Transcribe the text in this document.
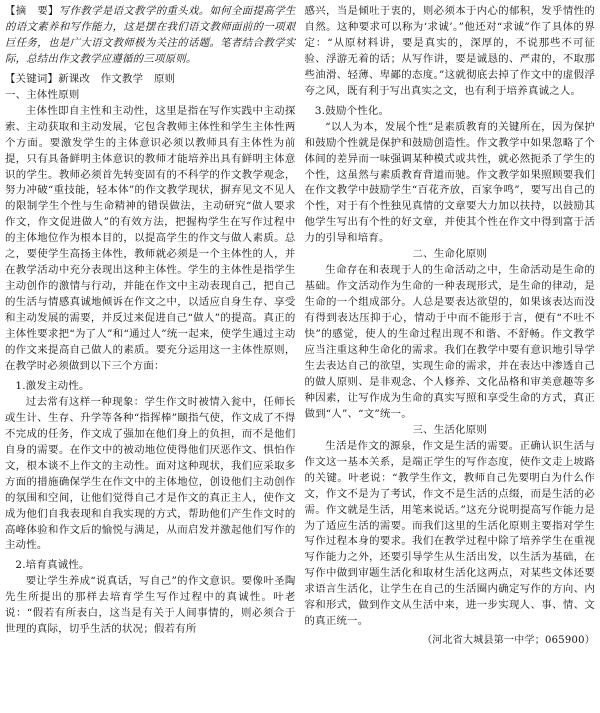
【摘　要】写作教学是语文教学的重头戏。如何全面提高学生的语文素养和写作能力，这是摆在我们语文教师面前的一项艰巨任务，也是广大语文教师极为关注的话题。笔者结合教学实际，总结出作文教学应遵循的三项原则。

【关键词】新课改　作文教学　原则

一、主体性原则

主体性即自主性和主动性，这里是指在写作实践中主动探索、主动获取和主动发展，它包含教师主体性和学生主体性两个方面。要激发学生的主体意识必须以教师具有主体性为前提，只有具备鲜明主体意识的教师才能培养出具有鲜明主体意识的学生。教师必须首先转变固有的不科学的作文教学观念，努力冲破“重技能，轻本体”的作文教学现状，摒弃见文不见人的限制学生个性与生命精神的错误做法，主动研究“做人要求作文，作文促进做人”的有效方法，把握构学生在写作过程中的主体地位作为根本目的，以提高学生的作文与做人素质。总之，要使学生高扬主体性，教师就必须是一个主体性的人，并在教学活动中充分表现出这种主体性。学生的主体性是指学生主动创作的激情与行动，并能在作文中主动表现自己，把自己的生活与情感真诚地倾诉在作文之中，以适应自身生存、享受和主动发展的需要，并反过来促进自己“做人”的提高。真正的主体性要求把“为了人”和“通过人”统一起来，使学生通过主动的作文来提高自己做人的素质。要充分运用这一主体性原则，在教学时必须做到以下三个方面：

1.激发主动性。

过去常有这样一种现象：学生作文时被情入瓮中，任师长或生计、生存、升学等各种“指挥棒”颐指气使，作文成了不得不完成的任务，作文成了强加在他们身上的负担，而不是他们自身的需要。在作文中的被动地位使得他们厌恶作文、惧怕作文，根本谈不上作文的主动性。面对这种现状，我们应采取多方面的措施确保学生在作文中的主体地位，创设他们主动创作的氛围和空间，让他们觉得自己才是作文的真正主人，使作文成为他们自我表现和自我实现的方式，帮助他们产生作文时的高峰体验和作文后的愉悦与满足，从而启发并激起他们写作的主动性。

2.培育真诚性。

要让学生养成“说真话，写自己”的作文意识。要像叶圣陶先生所提出的那样去培育学生写作过程中的真诚性。叶老说：“假若有所表白，这当是有关于人间事情的，则必须合于世理的真际，切乎生活的状况；假若有所

感兴，当是倾吐于衷的，则必须本于内心的郁积，发乎情性的自然。这种要求可以称为‘求诚’。”他还对“求诚”作了具体的界定：“从原材料讲，要是真实的，深厚的，不说那些不可征验、浮游无着的话；从写作讲，要是诚恳的、严肃的，不取那些油滑、轻薄、卑鄙的态度。”这就彻底去掉了作文中的虚假浮夸之风，既有利于写出真实之文，也有利于培养真诚之人。

3.鼓励个性化。

“以人为本，发展个性”是素质教育的关键所在，因为保护和鼓励个性就是保护和鼓励创造性。作文教学中如果忽略了个体间的差异而一味强调某种模式或共性，就必然扼杀了学生的个性，这虽然与素质教育背道而驰。作文教学如果照顾要我们在作文教学中鼓励学生“百花齐放，百家争鸣”，要写出自己的个性，对于有个性独见真情的文章要大力加以扶持，以鼓励其他学生写出有个性的好文章，并使其个性在作文中得到富于活力的引导和培育。

二、生命化原则

生命存在和表现于人的生命活动之中，生命活动是生命的基础。作文活动作为生命的一种表现形式，是生命的律动，是生命的一个组成部分。人总是要表达欲望的，如果该表达而没有得到表达压抑于心，情动于中而不能形于言，便有“不吐不快”的感觉，使人的生命过程出现不和谐、不舒畅。作文教学应当注重这种生命化的需求。我们在教学中要有意识地引导学生去表达自己的欲望，实现生命的需求，并在表达中渗透自己的做人原则、是非观念、个人修养、文化品格和审美意趣等多种因素，让写作成为生命的真实写照和享受生命的方式，真正做到“人”、“文”统一。

三、生活化原则

生活是作文的源泉，作文是生活的需要。正确认识生活与作文这一基本关系，是端正学生的写作态度，使作文走上坡路的关键。叶老说：“教学生作文，教师自己先要明白为什么作文，作文不是为了考试，作文不是生活的点缀，而是生活的必需。作文就是生活，用笔来说话。”这充分说明提高写作能力是为了适应生活的需要。而我们这里的生活化原则主要指对学生写作过程本身的要求。我们在教学过程中除了培养学生在重视写作能力之外，还要引导学生从生活出发，以生活为基础，在写作中做到审题生活化和取材生活化这两点，对某些文体还要求语言生活化，让学生在自己的生活圈内确定写作的方向、内容和形式，做到作文从生活中来，进一步实现人、事、情、文的真正统一。

（河北省大城县第一中学；065900）
